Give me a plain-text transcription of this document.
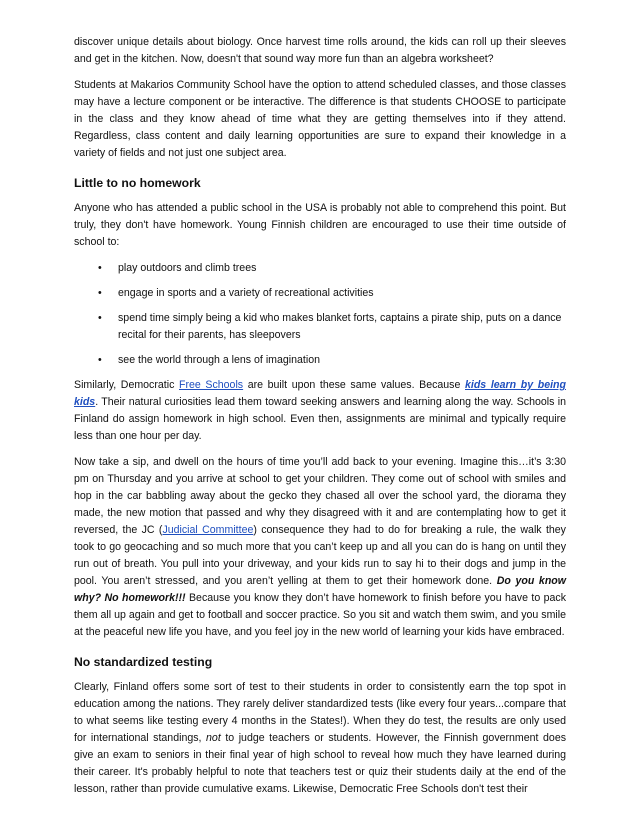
discover unique details about biology. Once harvest time rolls around, the kids can roll up their sleeves and get in the kitchen. Now, doesn't that sound way more fun than an algebra worksheet?

Students at Makarios Community School have the option to attend scheduled classes, and those classes may have a lecture component or be interactive. The difference is that students CHOOSE to participate in the class and they know ahead of time what they are getting themselves into if they attend. Regardless, class content and daily learning opportunities are sure to expand their knowledge in a variety of fields and not just one subject area.

Little to no homework

Anyone who has attended a public school in the USA is probably not able to comprehend this point. But truly, they don't have homework. Young Finnish children are encouraged to use their time outside of school to:

• play outdoors and climb trees
• engage in sports and a variety of recreational activities
• spend time simply being a kid who makes blanket forts, captains a pirate ship, puts on a dance recital for their parents, has sleepovers
• see the world through a lens of imagination

Similarly, Democratic Free Schools are built upon these same values. Because kids learn by being kids. Their natural curiosities lead them toward seeking answers and learning along the way. Schools in Finland do assign homework in high school. Even then, assignments are minimal and typically require less than one hour per day.

Now take a sip, and dwell on the hours of time you’ll add back to your evening. Imagine this…it’s 3:30 pm on Thursday and you arrive at school to get your children. They come out of school with smiles and hop in the car babbling away about the gecko they chased all over the school yard, the diorama they made, the new motion that passed and why they disagreed with it and are contemplating how to get it reversed, the JC (Judicial Committee) consequence they had to do for breaking a rule, the walk they took to go geocaching and so much more that you can’t keep up and all you can do is hang on until they run out of breath. You pull into your driveway, and your kids run to say hi to their dogs and jump in the pool. You aren’t stressed, and you aren’t yelling at them to get their homework done. Do you know why? No homework!!! Because you know they don’t have homework to finish before you have to pack them all up again and get to football and soccer practice. So you sit and watch them swim, and you smile at the peaceful new life you have, and you feel joy in the new world of learning your kids have embraced.

No standardized testing

Clearly, Finland offers some sort of test to their students in order to consistently earn the top spot in education among the nations. They rarely deliver standardized tests (like every four years...compare that to what seems like testing every 4 months in the States!). When they do test, the results are only used for international standings, not to judge teachers or students. However, the Finnish government does give an exam to seniors in their final year of high school to reveal how much they have learned during their career. It's probably helpful to note that teachers test or quiz their students daily at the end of the lesson, rather than provide cumulative exams. Likewise, Democratic Free Schools don't test their
